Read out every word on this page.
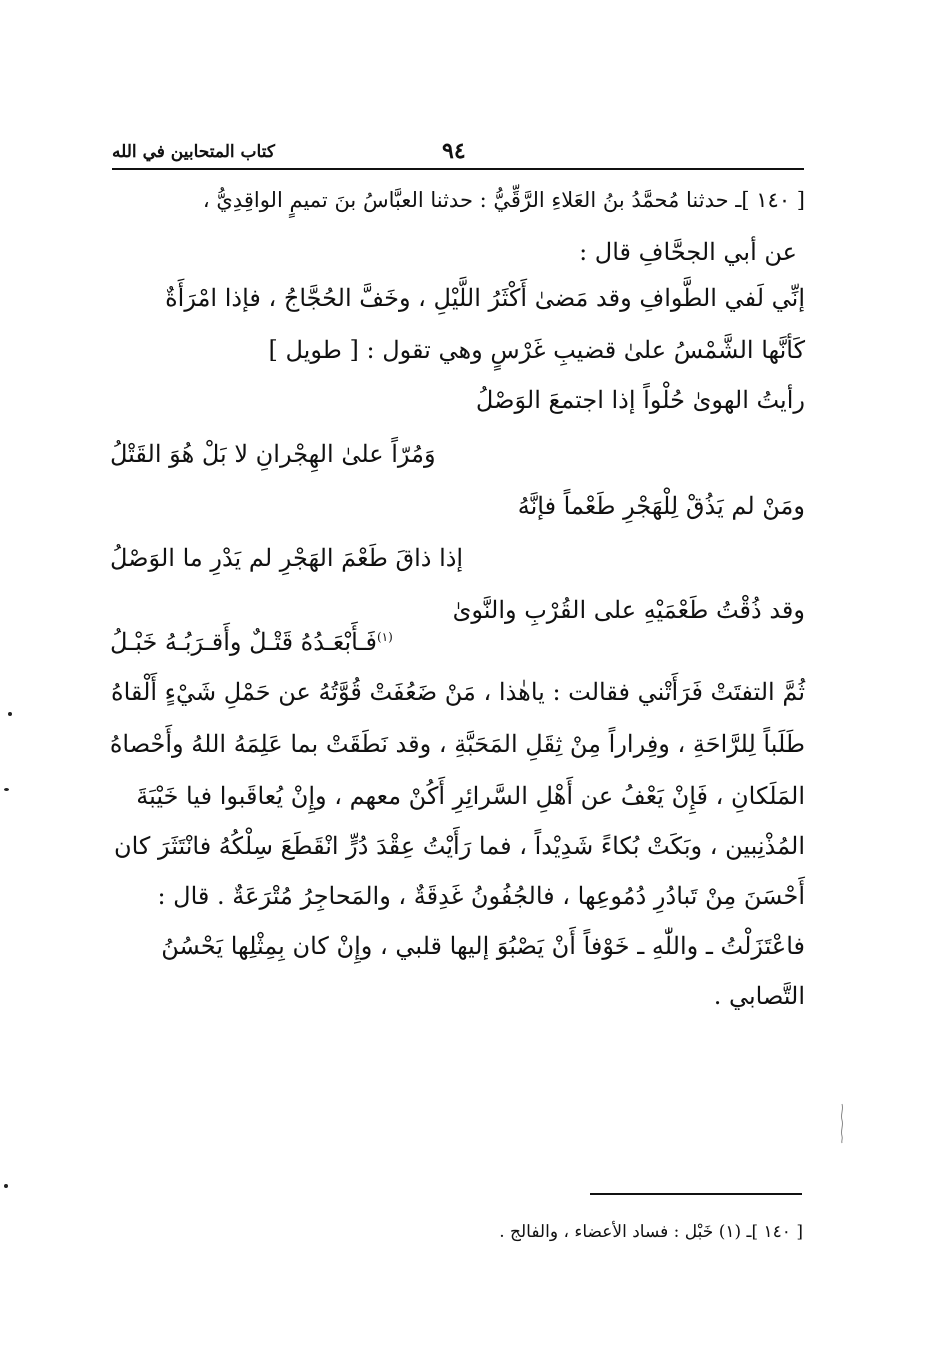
كتاب المتحابين في الله	٩٤
[ ١٤٠ ]ـ حدثنا مُحمَّدُ بنُ العَلاءِ الرَّقِّيُّ : حدثنا العبَّاسُ بنَ تميمٍ الواقِدِيُّ ،
عن أبي الجحَّافِ قال :
إنِّي لَفي الطَّوافِ وقد مَضىٰ أَكْثَرُ اللَّيْلِ ، وخَفَّ الحُجَّاجُ ، فإذا امْرَأَةٌ
كَأنَّها الشَّمْسُ علىٰ قضيبِ غَرْسٍ وهي تقول : [ طويل ]
رأيتُ الهوىٰ حُلْواً إذا اجتمعَ الوَصْلُ
وَمُرّاً علىٰ الهِجْرانِ لا بَلْ هُوَ القَتْلُ
ومَنْ لم يَذُقْ لِلْهَجْرِ طَعْماً فإنَّهُ
إذا ذاقَ طَعْمَ الهَجْرِ لم يَدْرِ ما الوَصْلُ
وقد ذُقْتُ طَعْمَيْهِ على القُرْبِ والنَّوىٰ
$^{(١)}$فَـأَبْعَـدُهُ قَتْـلٌ وأَقـرَبُـهُ خَبْـلُ
ثُمَّ التفتَتْ فَرَأَتْني فقالت : ياهٰذا ، مَنْ ضَعُفَتْ قُوَّتُهُ عن حَمْلِ شَيْءٍ أَلْقاهُ
طَلَباً لِلرَّاحَةِ ، وفِراراً مِنْ ثِقَلِ المَحَبَّةِ ، وقد نَطَقَتْ بما عَلِمَهُ اللهُ وأَحْصاهُ
المَلَكانِ ، فَإِنْ يَعْفُ عن أَهْلِ السَّرائِرِ أَكُنْ معهم ، وإِنْ يُعاقَبوا فيا خَيْبَةَ
المُذْنِبين ، وبَكَتْ بُكاءً شَدِيْداً ، فما رَأَيْتُ عِقْدَ دُرٍّ انْقَطَعَ سِلْكُهُ فانْتَثَرَ كان
أَحْسَنَ مِنْ تَبادُرِ دُمُوعِها ، فالجُفُونُ غَدِقَةٌ ، والمَحاجِرُ مُتْرَعَةٌ . قال :
فاعْتَزَلْتُ ـ واللّٰهِ ـ خَوْفاً أَنْ يَصْبُوَ إليها قلبي ، وإِنْ كان بِمِثْلِها يَحْسُنُ
التَّصابي .
[ ١٤٠ ]ـ (١) خَبْل : فساد الأعضاء ، والفالج .
